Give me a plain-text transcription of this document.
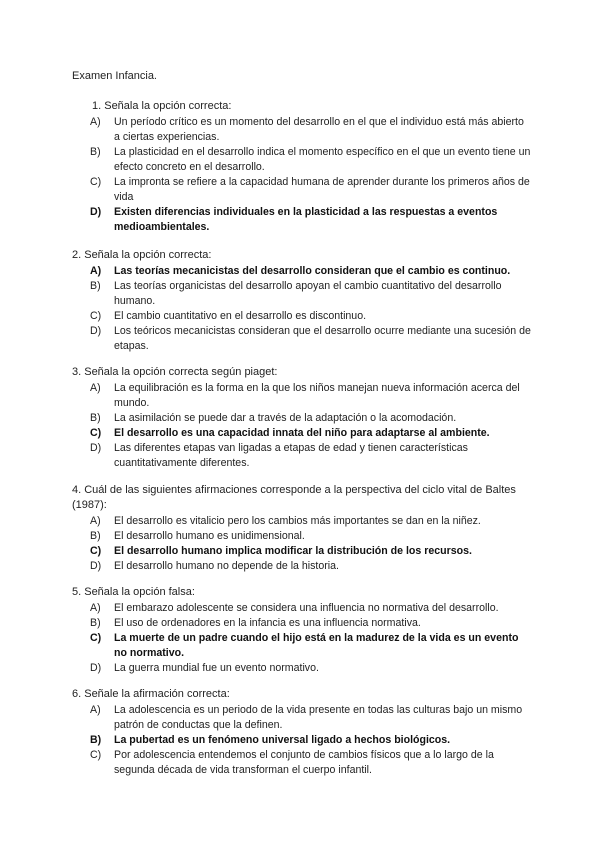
Examen Infancia.
1. Señala la opción correcta:
A)	Un período crítico es un momento del desarrollo en el que el individuo está más abierto a ciertas experiencias.
B)	La plasticidad en el desarrollo indica el momento específico en el que un evento tiene un efecto concreto en el desarrollo.
C)	La impronta se refiere a la capacidad humana de aprender durante los primeros años de vida
D)	Existen diferencias individuales en la plasticidad a las respuestas a eventos medioambientales.
2. Señala la opción correcta:
A)	Las teorías mecanicistas del desarrollo consideran que el cambio es continuo.
B)	Las teorías organicistas del desarrollo apoyan el cambio cuantitativo del desarrollo humano.
C)	El cambio cuantitativo en el desarrollo es discontinuo.
D)	Los teóricos mecanicistas consideran que el desarrollo ocurre mediante una sucesión de etapas.
3. Señala la opción correcta según piaget:
A)	La equilibración es la forma en la que los niños manejan nueva información acerca del mundo.
B)	La asimilación se puede dar a través de la adaptación o la acomodación.
C)	El desarrollo es una capacidad innata del niño para adaptarse al ambiente.
D)	Las diferentes etapas van ligadas a etapas de edad y tienen características cuantitativamente diferentes.
4. Cuál de las siguientes afirmaciones corresponde a la perspectiva del ciclo vital de Baltes (1987):
A)	El desarrollo es vitalicio pero los cambios más importantes se dan en la niñez.
B)	El desarrollo humano es unidimensional.
C)	El desarrollo humano implica modificar la distribución de los recursos.
D)	El desarrollo humano no depende de la historia.
5. Señala la opción falsa:
A)	El embarazo adolescente se considera una influencia no normativa del desarrollo.
B)	El uso de ordenadores en la infancia es una influencia normativa.
C)	La muerte de un padre cuando el hijo está en la madurez de la vida es un evento no normativo.
D)	La guerra mundial fue un evento normativo.
6. Señale la afirmación correcta:
A)	La adolescencia es un periodo de la vida presente en todas las culturas bajo un mismo patrón de conductas que la definen.
B)	La pubertad es un fenómeno universal ligado a hechos biológicos.
C)	Por adolescencia entendemos el conjunto de cambios físicos que a lo largo de la segunda década de vida transforman el cuerpo infantil.
